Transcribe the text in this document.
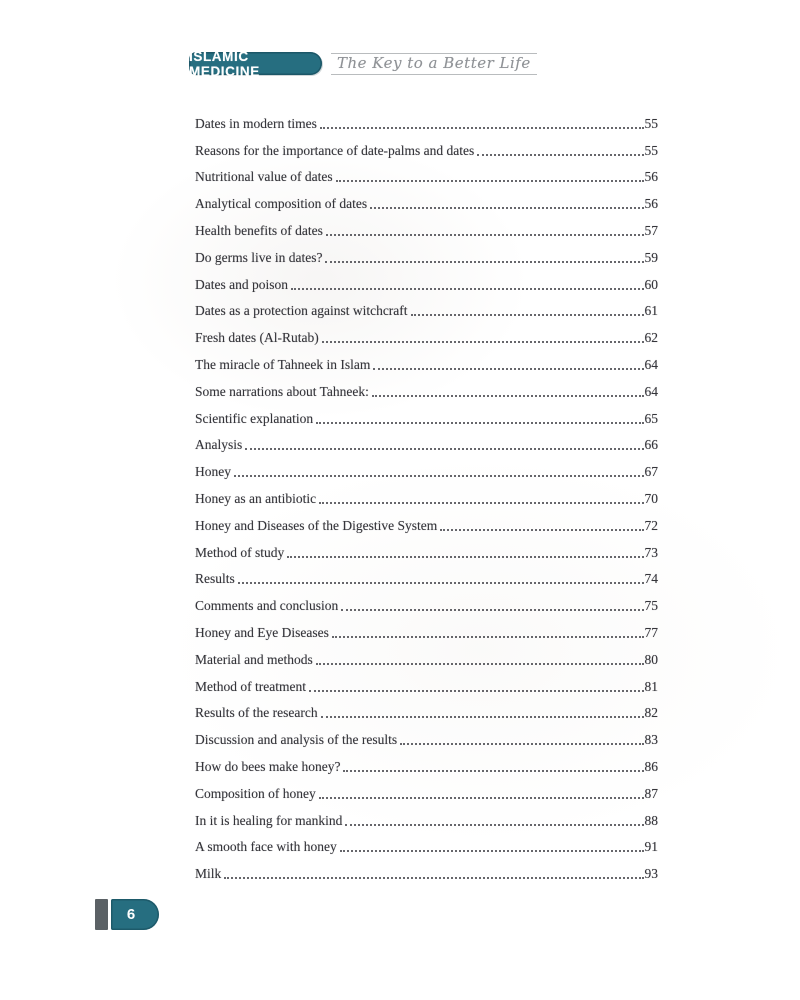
ISLAMIC MEDICINE	The Key to a Better Life
Dates in modern times	55
Reasons for the importance of date-palms and dates	55
Nutritional value of dates	56
Analytical composition of dates	56
Health benefits of dates	57
Do germs live in dates?	59
Dates and poison	60
Dates as a protection against witchcraft	61
Fresh dates (Al-Rutab)	62
The miracle of Tahneek in Islam	64
Some narrations about Tahneek:	64
Scientific explanation	65
Analysis	66
Honey	67
Honey as an antibiotic	70
Honey and Diseases of the Digestive System	72
Method of study	73
Results	74
Comments and conclusion	75
Honey and Eye Diseases	77
Material and methods	80
Method of treatment	81
Results of the research	82
Discussion and analysis of the results	83
How do bees make honey?	86
Composition of honey	87
In it is healing for mankind	88
A smooth face with honey	91
Milk	93
6
